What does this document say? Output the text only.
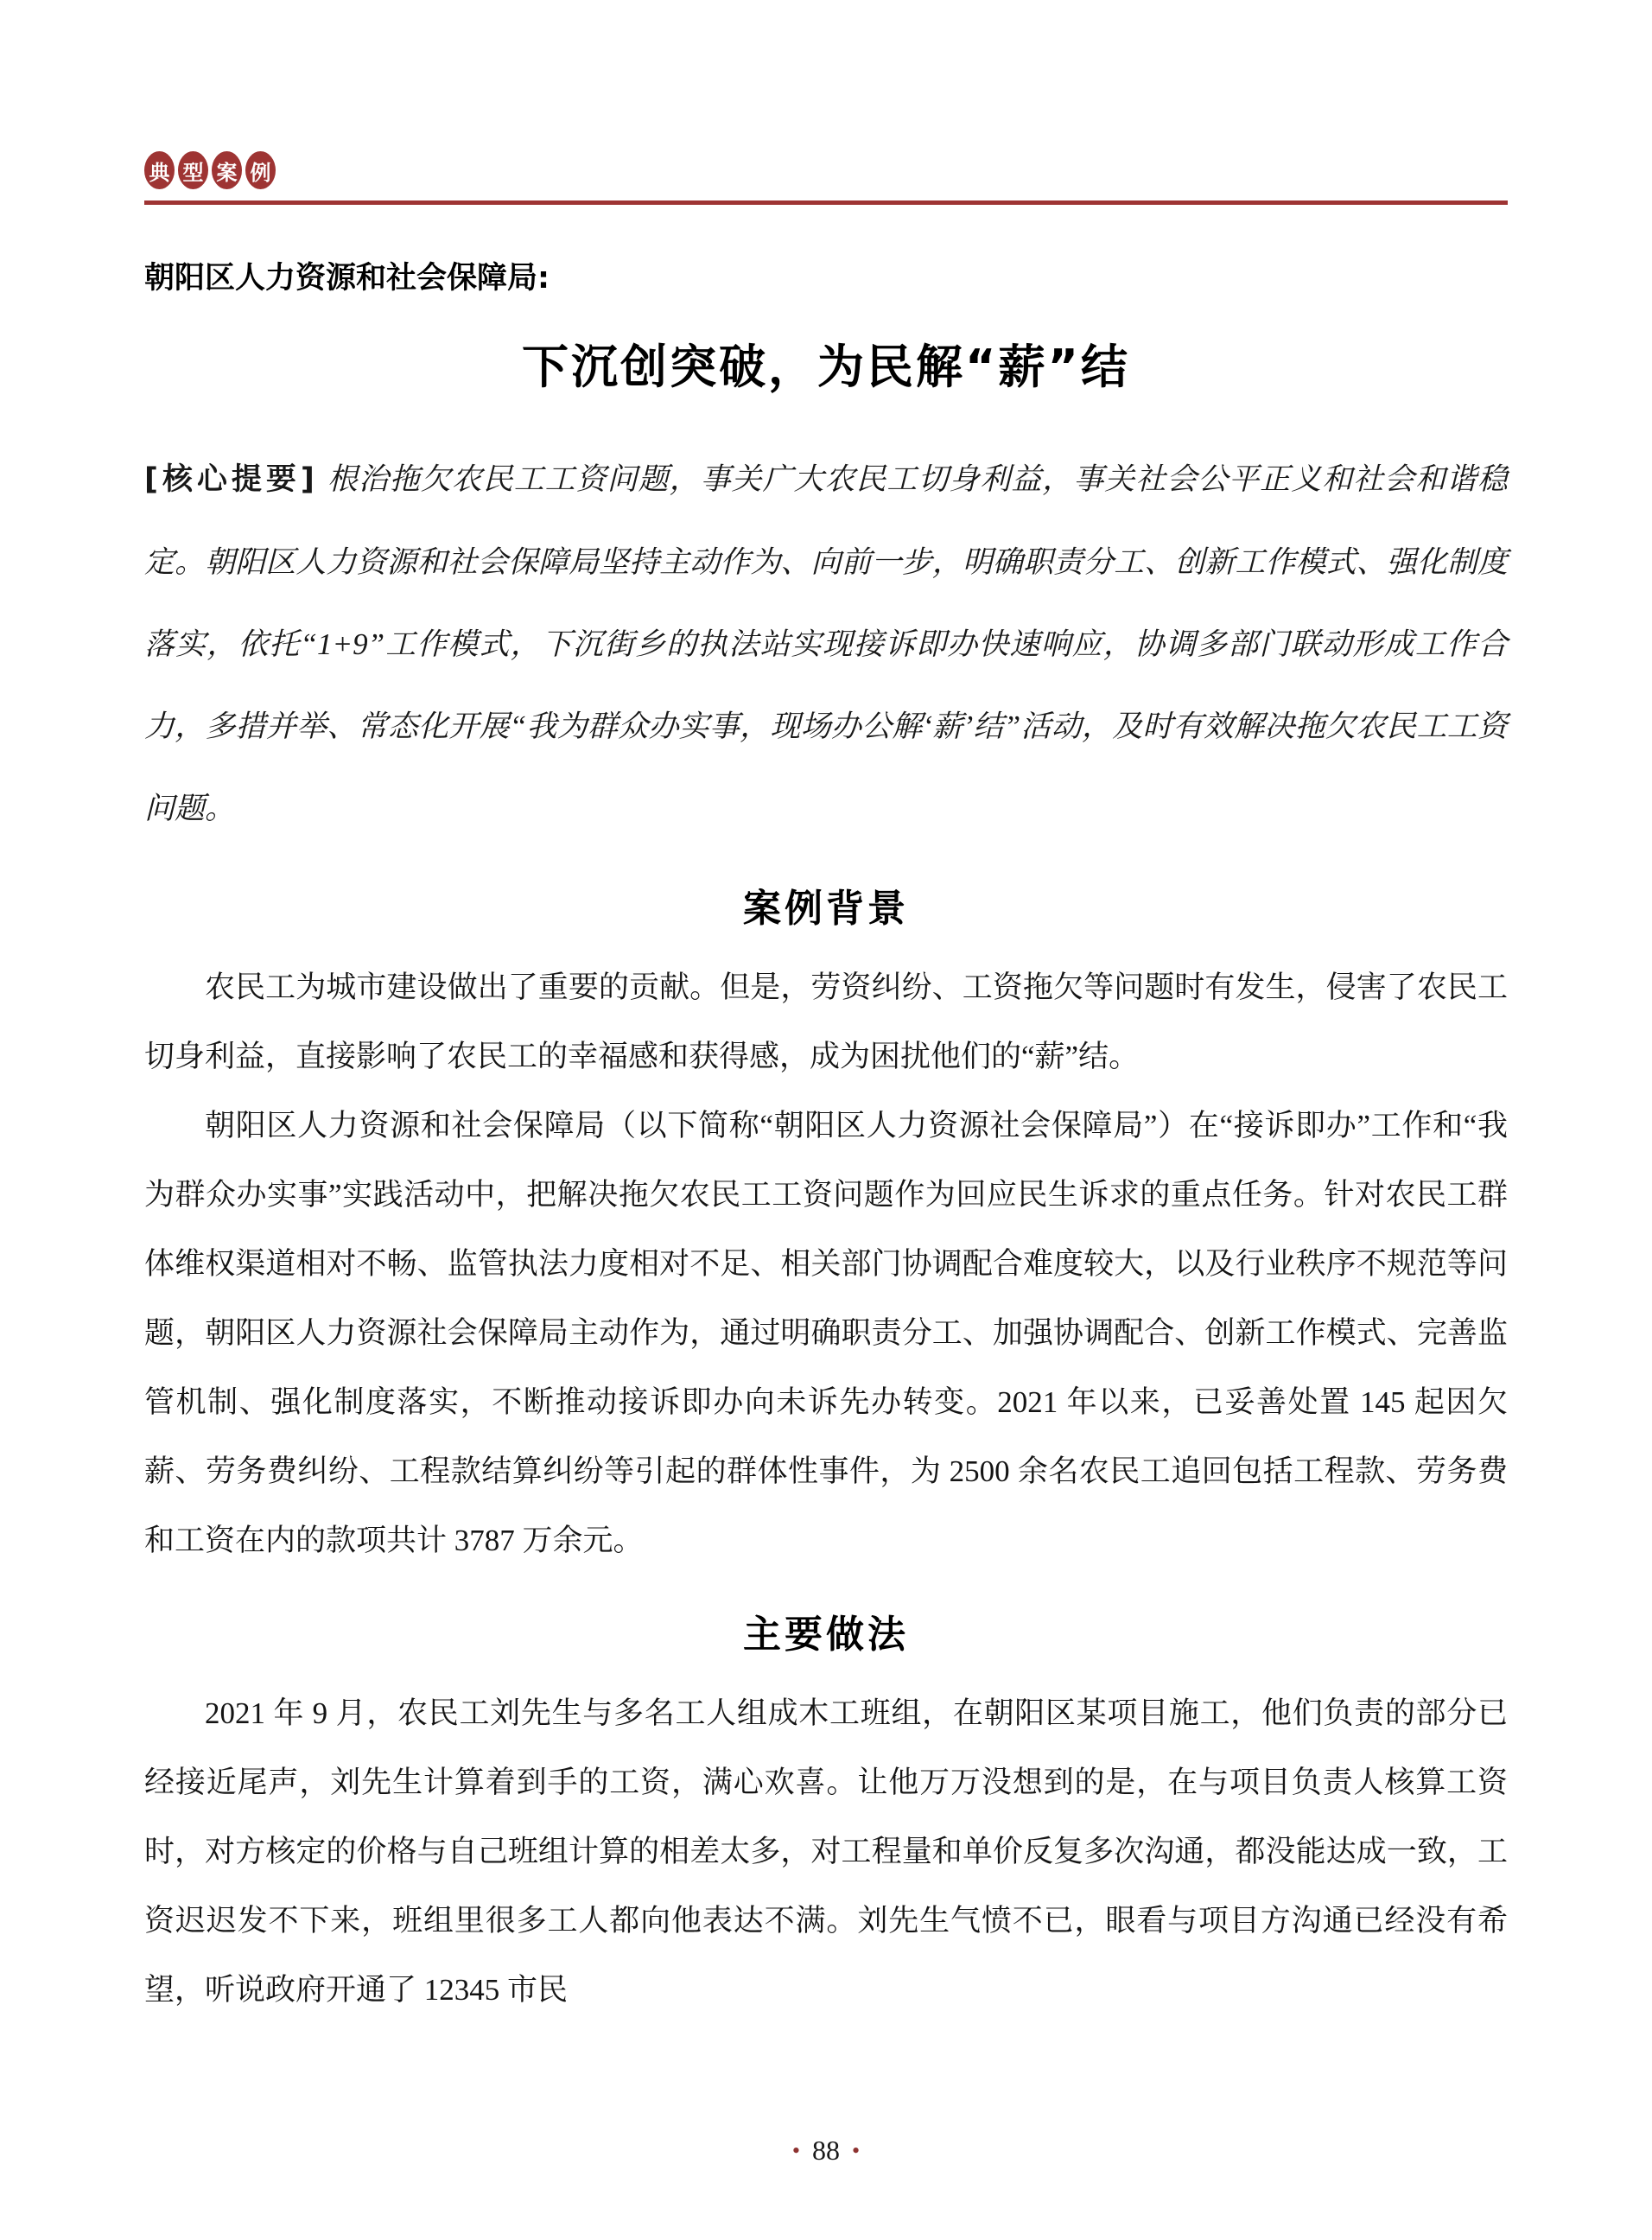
典 型 案 例
朝阳区人力资源和社会保障局:
下沉创突破，为民解“薪”结

[核心提要] 根治拖欠农民工工资问题，事关广大农民工切身利益，事关社会公平正义和社会和谐稳定。朝阳区人力资源和社会保障局坚持主动作为、向前一步，明确职责分工、创新工作模式、强化制度落实，依托“1+9”工作模式，下沉街乡的执法站实现接诉即办快速响应，协调多部门联动形成工作合力，多措并举、常态化开展“我为群众办实事，现场办公解‘薪’结”活动，及时有效解决拖欠农民工工资问题。

案例背景

农民工为城市建设做出了重要的贡献。但是，劳资纠纷、工资拖欠等问题时有发生，侵害了农民工切身利益，直接影响了农民工的幸福感和获得感，成为困扰他们的“薪”结。

朝阳区人力资源和社会保障局（以下简称“朝阳区人力资源社会保障局”）在“接诉即办”工作和“我为群众办实事”实践活动中，把解决拖欠农民工工资问题作为回应民生诉求的重点任务。针对农民工群体维权渠道相对不畅、监管执法力度相对不足、相关部门协调配合难度较大，以及行业秩序不规范等问题，朝阳区人力资源社会保障局主动作为，通过明确职责分工、加强协调配合、创新工作模式、完善监管机制、强化制度落实，不断推动接诉即办向未诉先办转变。2021 年以来，已妥善处置 145 起因欠薪、劳务费纠纷、工程款结算纠纷等引起的群体性事件，为 2500 余名农民工追回包括工程款、劳务费和工资在内的款项共计 3787 万余元。

主要做法

2021 年 9 月，农民工刘先生与多名工人组成木工班组，在朝阳区某项目施工，他们负责的部分已经接近尾声，刘先生计算着到手的工资，满心欢喜。让他万万没想到的是，在与项目负责人核算工资时，对方核定的价格与自己班组计算的相差太多，对工程量和单价反复多次沟通，都没能达成一致，工资迟迟发不下来，班组里很多工人都向他表达不满。刘先生气愤不已，眼看与项目方沟通已经没有希望，听说政府开通了 12345 市民

• 88 •
